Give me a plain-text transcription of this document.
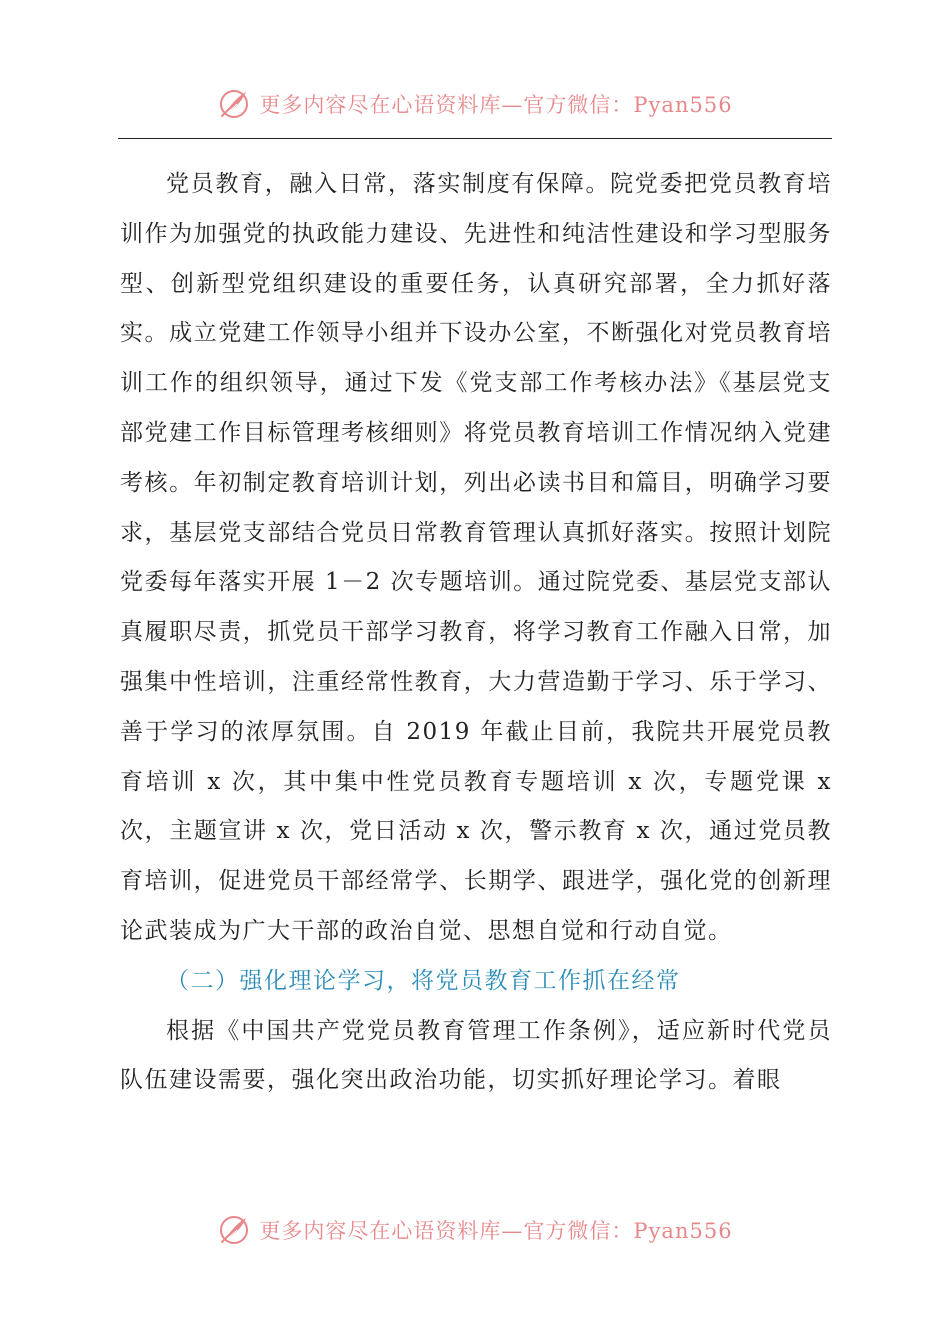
更多内容尽在心语资料库—官方微信：Pyan556

党员教育，融入日常，落实制度有保障。院党委把党员教育培训作为加强党的执政能力建设、先进性和纯洁性建设和学习型服务型、创新型党组织建设的重要任务，认真研究部署，全力抓好落实。成立党建工作领导小组并下设办公室，不断强化对党员教育培训工作的组织领导，通过下发《党支部工作考核办法》《基层党支部党建工作目标管理考核细则》将党员教育培训工作情况纳入党建考核。年初制定教育培训计划，列出必读书目和篇目，明确学习要求，基层党支部结合党员日常教育管理认真抓好落实。按照计划院党委每年落实开展 1－2 次专题培训。通过院党委、基层党支部认真履职尽责，抓党员干部学习教育，将学习教育工作融入日常，加强集中性培训，注重经常性教育，大力营造勤于学习、乐于学习、善于学习的浓厚氛围。自 2019 年截止目前，我院共开展党员教育培训 x 次，其中集中性党员教育专题培训 x 次，专题党课 x 次，主题宣讲 x 次，党日活动 x 次，警示教育 x 次，通过党员教育培训，促进党员干部经常学、长期学、跟进学，强化党的创新理论武装成为广大干部的政治自觉、思想自觉和行动自觉。

（二）强化理论学习，将党员教育工作抓在经常

根据《中国共产党党员教育管理工作条例》，适应新时代党员队伍建设需要，强化突出政治功能，切实抓好理论学习。着眼

更多内容尽在心语资料库—官方微信：Pyan556
